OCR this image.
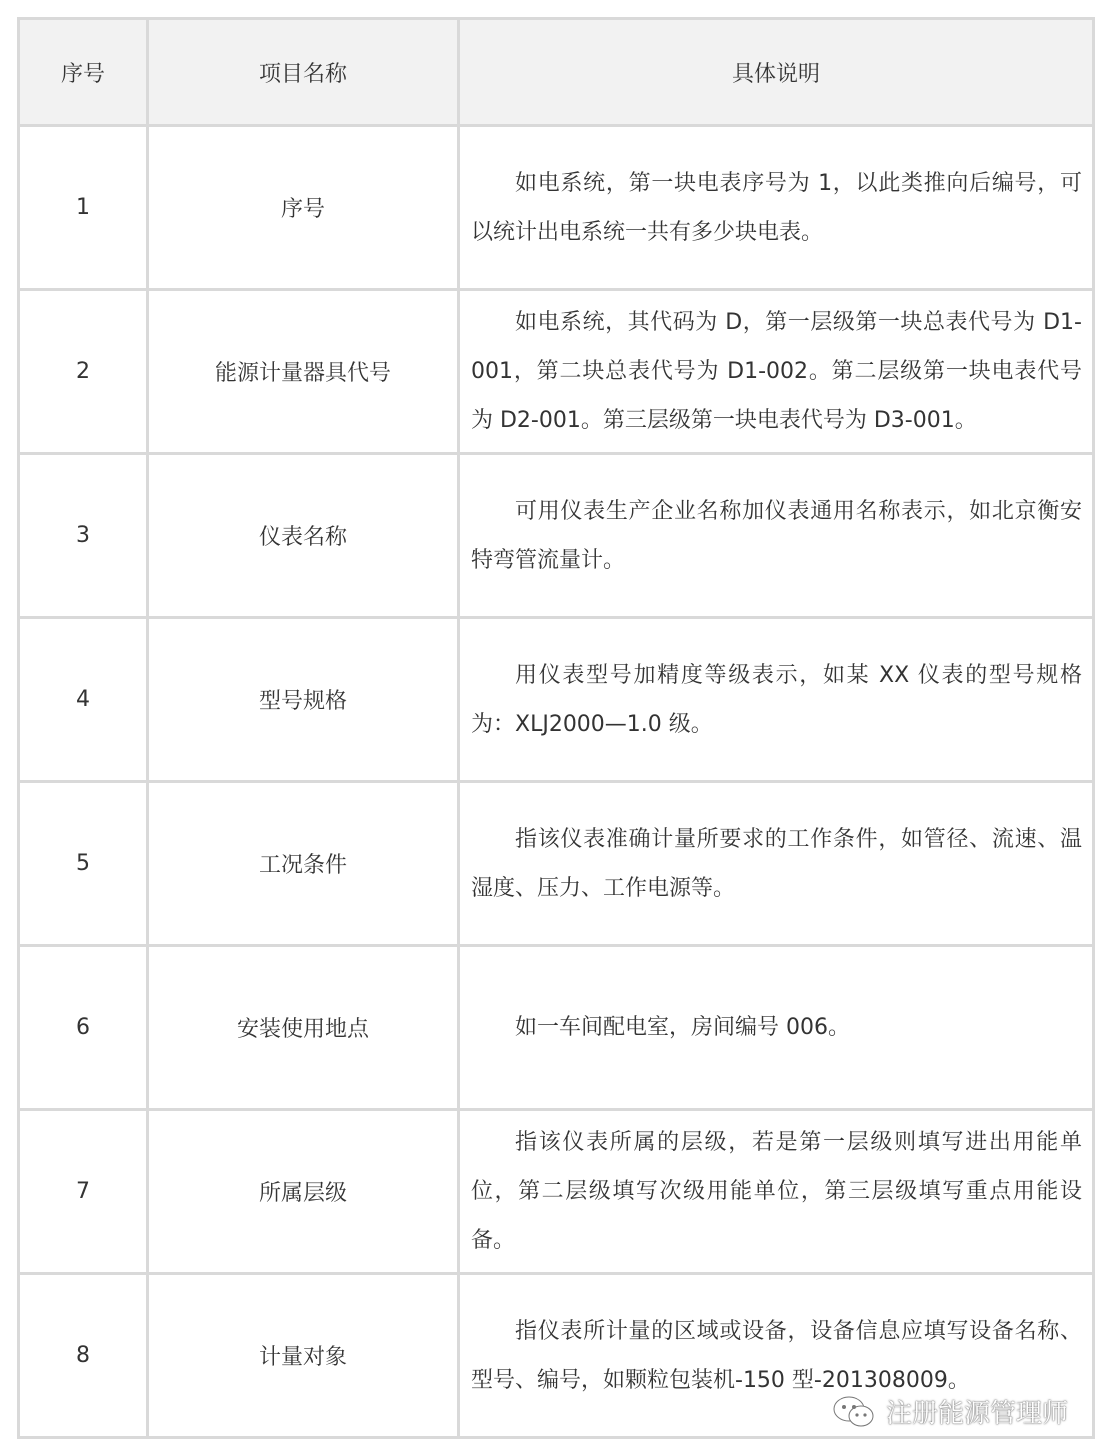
序号	项目名称	具体说明
1	序号	如电系统，第一块电表序号为 1，以此类推向后编号，可以统计出电系统一共有多少块电表。
2	能源计量器具代号	如电系统，其代码为 D，第一层级第一块总表代号为 D1-001，第二块总表代号为 D1-002。第二层级第一块电表代号为 D2-001。第三层级第一块电表代号为 D3-001。
3	仪表名称	可用仪表生产企业名称加仪表通用名称表示，如北京衡安特弯管流量计。
4	型号规格	用仪表型号加精度等级表示，如某 XX 仪表的型号规格为：XLJ2000—1.0 级。
5	工况条件	指该仪表准确计量所要求的工作条件，如管径、流速、温湿度、压力、工作电源等。
6	安装使用地点	如一车间配电室，房间编号 006。
7	所属层级	指该仪表所属的层级，若是第一层级则填写进出用能单位，第二层级填写次级用能单位，第三层级填写重点用能设备。
8	计量对象	指仪表所计量的区域或设备，设备信息应填写设备名称、型号、编号，如颗粒包装机-150 型-201308009。
注册能源管理师
